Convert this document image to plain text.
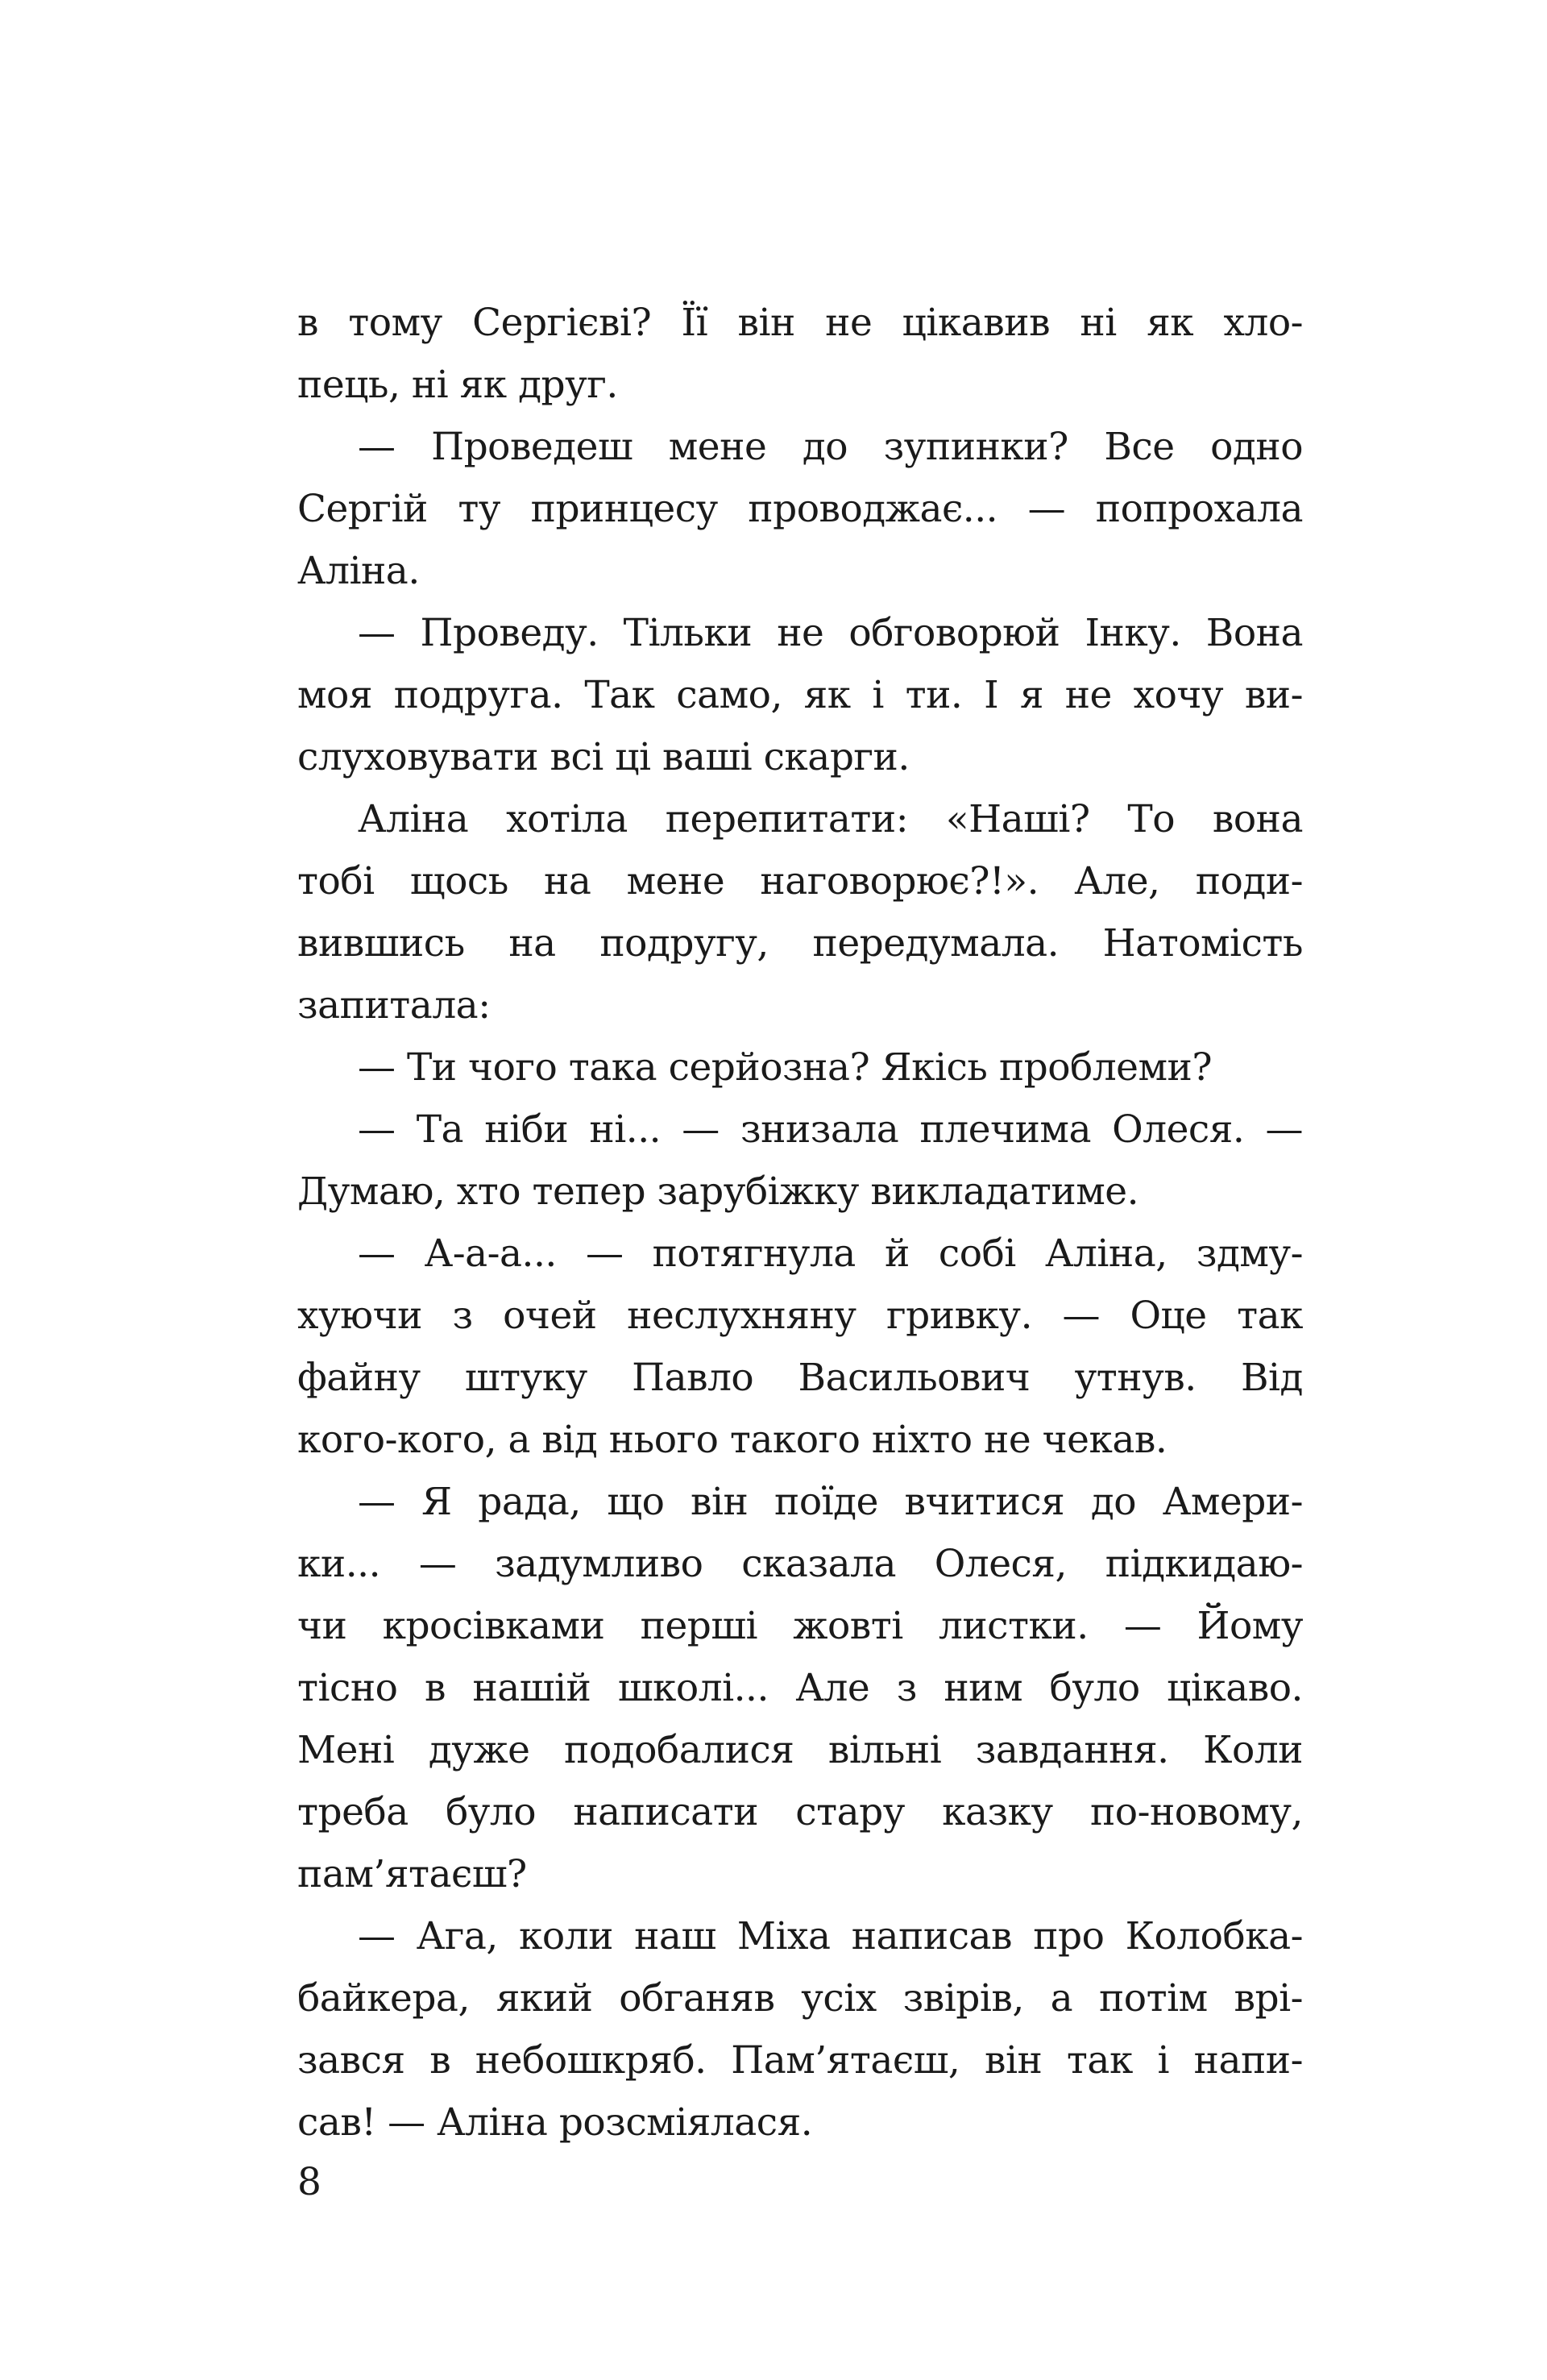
в тому Сергієві? Її він не цікавив ні як хло-
пець, ні як друг.
— Проведеш мене до зупинки? Все одно
Сергій ту принцесу проводжає... — попрохала
Аліна.
— Проведу. Тільки не обговорюй Інку. Вона
моя подруга. Так само, як і ти. І я не хочу ви-
слуховувати всі ці ваші скарги.
Аліна хотіла перепитати: «Наші? То вона
тобі щось на мене наговорює?!». Але, поди-
вившись на подругу, передумала. Натомість
запитала:
— Ти чого така серйозна? Якісь проблеми?
— Та ніби ні... — знизала плечима Олеся. —
Думаю, хто тепер зарубіжку викладатиме.
— А-а-а... — потягнула й собі Аліна, здму-
хуючи з очей неслухняну гривку. — Оце так
файну штуку Павло Васильович утнув. Від
кого-кого, а від нього такого ніхто не чекав.
— Я рада, що він поїде вчитися до Амери-
ки... — задумливо сказала Олеся, підкидаю-
чи кросівками перші жовті листки. — Йому
тісно в нашій школі... Але з ним було цікаво.
Мені дуже подобалися вільні завдання. Коли
треба було написати стару казку по-новому,
пам’ятаєш?
— Ага, коли наш Міха написав про Колобка-
байкера, який обганяв усіх звірів, а потім врі-
зався в небошкряб. Пам’ятаєш, він так і напи-
сав! — Аліна розсміялася.
8
